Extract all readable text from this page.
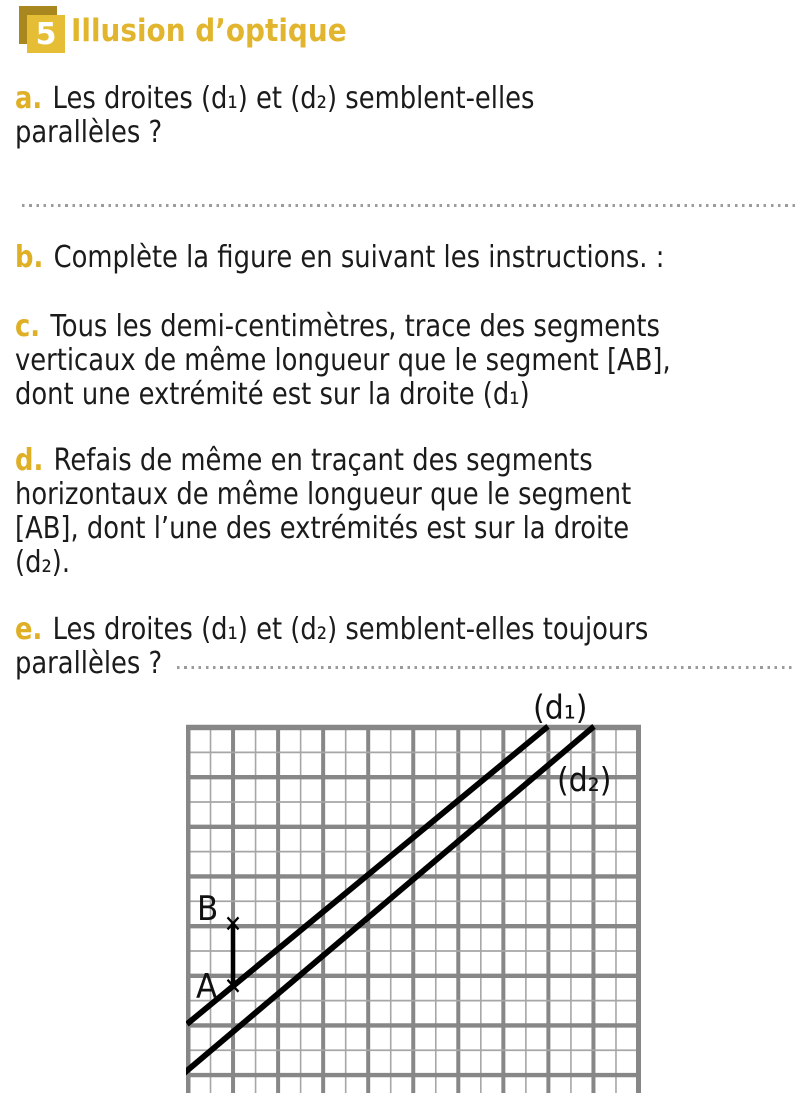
5 Illusion d’optique
a. Les droites (d₁) et (d₂) semblent-elles
parallèles ?
b. Complète la figure en suivant les instructions. :
c. Tous les demi-centimètres, trace des segments
verticaux de même longueur que le segment [AB],
dont une extrémité est sur la droite (d₁)
d. Refais de même en traçant des segments
horizontaux de même longueur que le segment
[AB], dont l’une des extrémités est sur la droite
(d₂).
e. Les droites (d₁) et (d₂) semblent-elles toujours
parallèles ?
(d₁)
(d₂)
B
A
